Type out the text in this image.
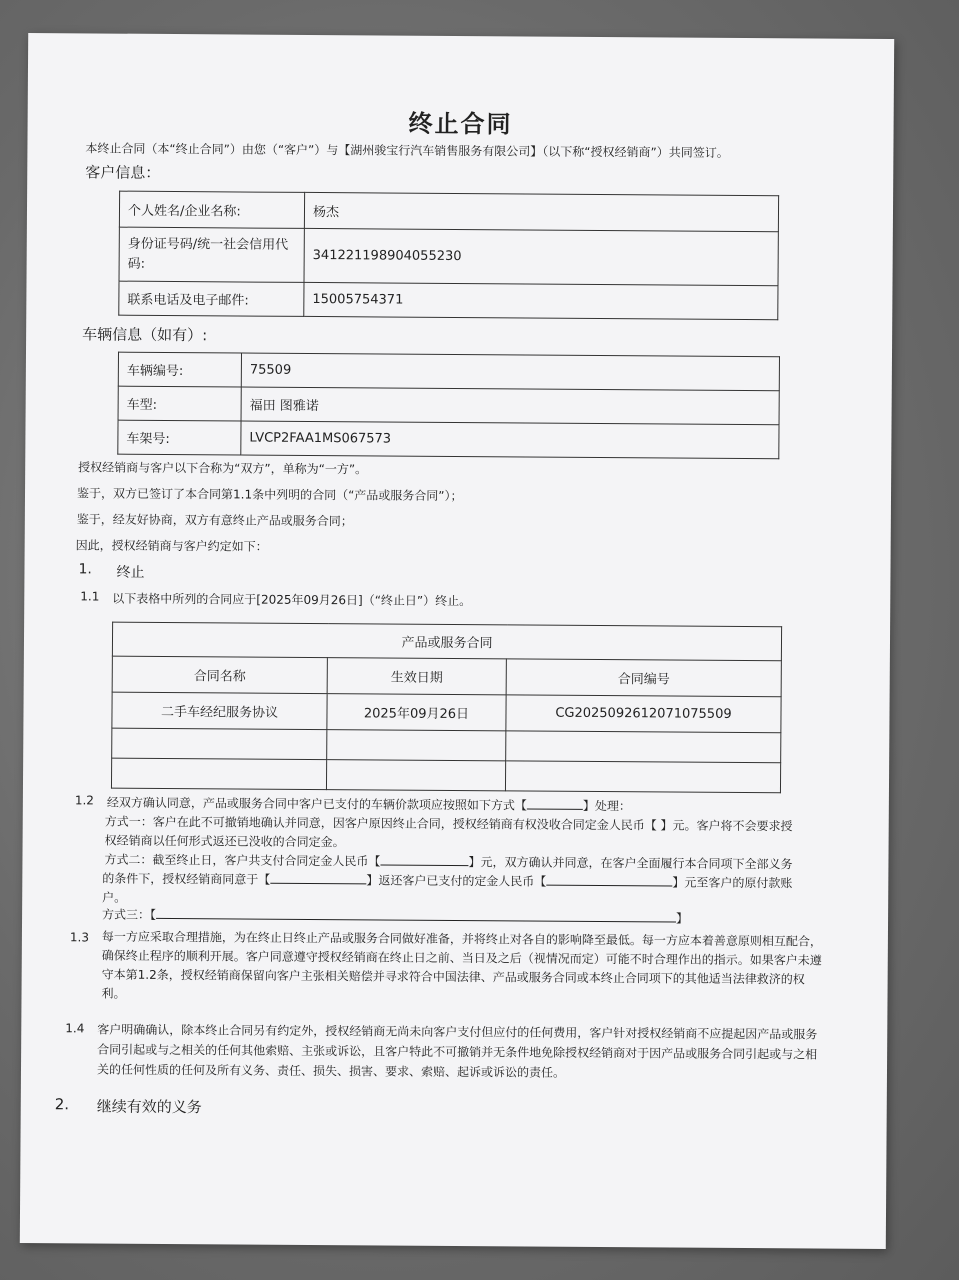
终止合同
本终止合同（本“终止合同”）由您（“客户”）与【湖州骏宝行汽车销售服务有限公司】（以下称“授权经销商”）共同签订。
客户信息：
个人姓名/企业名称:	杨杰
身份证号码/统一社会信用代码:	341221198904055230
联系电话及电子邮件:	15005754371
车辆信息（如有）:
车辆编号:	75509
车型:	福田 图雅诺
车架号:	LVCP2FAA1MS067573
授权经销商与客户以下合称为“双方”，单称为“一方”。
鉴于，双方已签订了本合同第1.1条中列明的合同（“产品或服务合同”）；
鉴于，经友好协商，双方有意终止产品或服务合同；
因此，授权经销商与客户约定如下：
1. 终止
1.1 以下表格中所列的合同应于[2025年09月26日]（“终止日”）终止。
产品或服务合同		
合同名称	生效日期	合同编号
二手车经纪服务协议	2025年09月26日	CG2025092612071075509

1.2 经双方确认同意，产品或服务合同中客户已支付的车辆价款项应按照如下方式【	】处理：
方式一：客户在此不可撤销地确认并同意，因客户原因终止合同，授权经销商有权没收合同定金人民币【 】元。客户将不会要求授
权经销商以任何形式返还已没收的合同定金。
方式二：截至终止日，客户共支付合同定金人民币【	】元，双方确认并同意，在客户全面履行本合同项下全部义务
的条件下，授权经销商同意于【	】返还客户已支付的定金人民币【	】元至客户的原付款账
户。
方式三：【	】
1.3 每一方应采取合理措施，为在终止日终止产品或服务合同做好准备，并将终止对各自的影响降至最低。每一方应本着善意原则相互配合，确保终止程序的顺利开展。客户同意遵守授权经销商在终止日之前、当日及之后（视情况而定）可能不时合理作出的指示。如果客户未遵守本第1.2条，授权经销商保留向客户主张相关赔偿并寻求符合中国法律、产品或服务合同或本终止合同项下的其他适当法律救济的权利。
1.4 客户明确确认，除本终止合同另有约定外，授权经销商无尚未向客户支付但应付的任何费用，客户针对授权经销商不应提起因产品或服务合同引起或与之相关的任何其他索赔、主张或诉讼，且客户特此不可撤销并无条件地免除授权经销商对于因产品或服务合同引起或与之相关的任何性质的任何及所有义务、责任、损失、损害、要求、索赔、起诉或诉讼的责任。
2. 继续有效的义务
